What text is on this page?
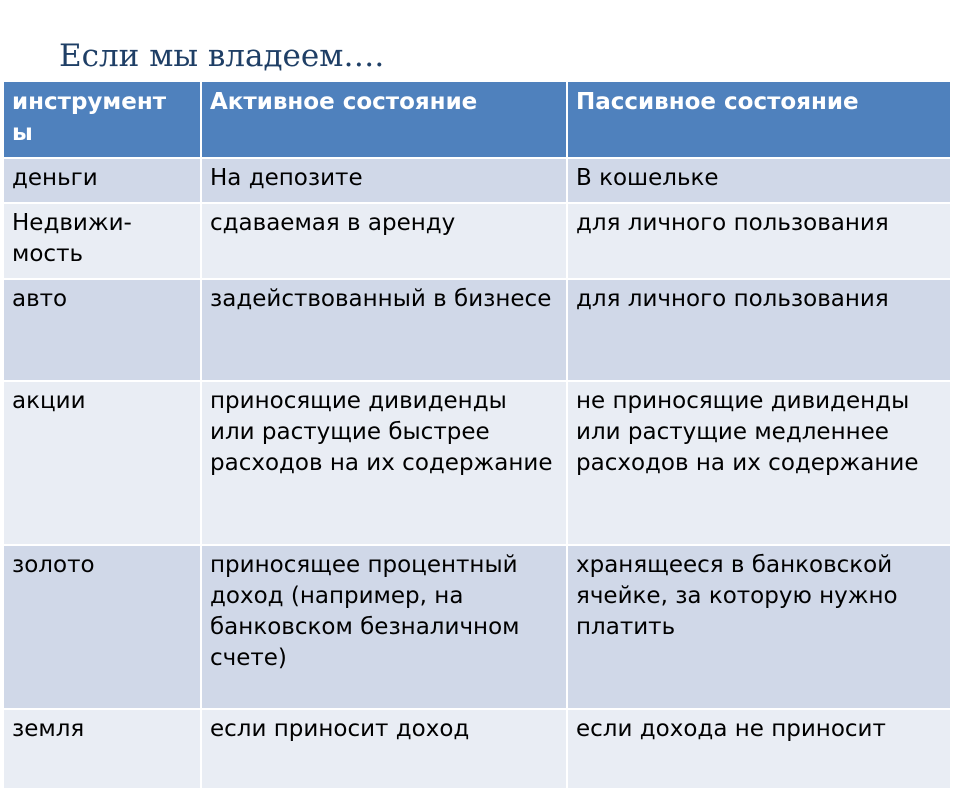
Если мы владеем….
инструмент ы	Активное состояние	Пассивное состояние
деньги	На депозите	В кошельке
Недвижи-мость	сдаваемая в аренду	для личного пользования
авто	задействованный в бизнесе	для личного пользования
акции	приносящие дивиденды или растущие быстрее расходов на их содержание	не приносящие дивиденды или растущие медленнее расходов на их содержание
золото	приносящее процентный доход (например, на банковском безналичном счете)	хранящееся в банковской ячейке, за которую нужно платить
земля	если приносит доход	если дохода не приносит
